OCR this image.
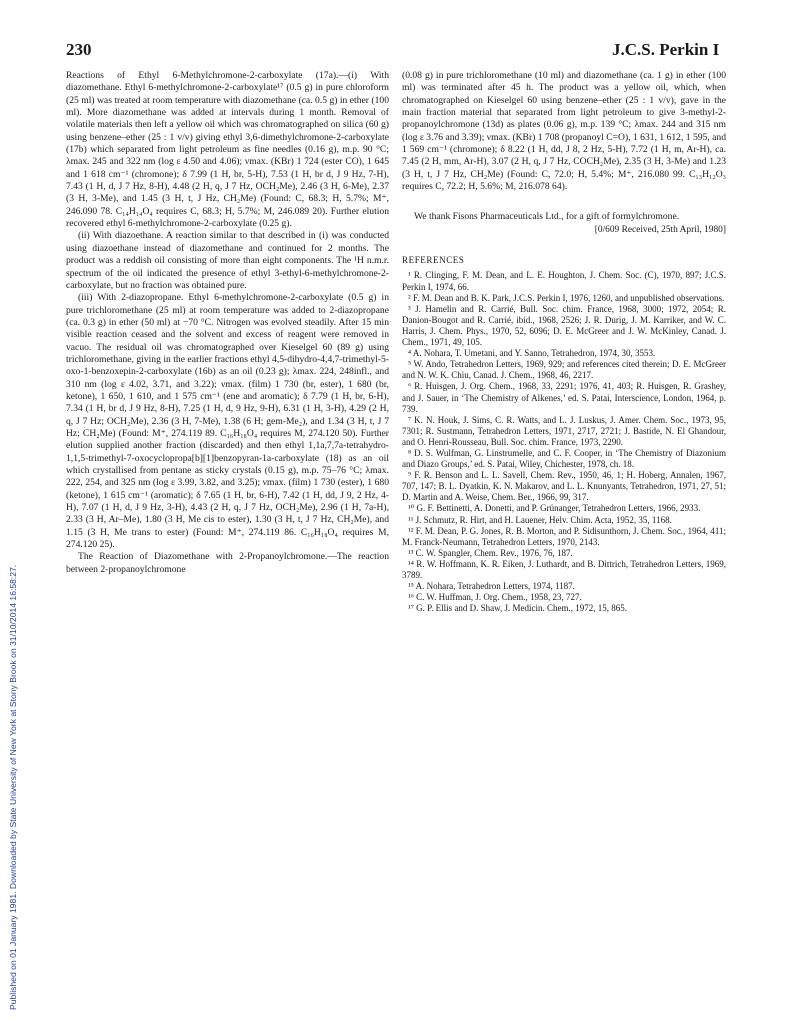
230	J.C.S. Perkin I
Published on 01 January 1981. Downloaded by State University of New York at Stony Brook on 31/10/2014 16:58:27.

Reactions of Ethyl 6-Methylchromone-2-carboxylate (17a).—(i) With diazomethane. Ethyl 6-methylchromone-2-carboxylate¹⁷ (0.5 g) in pure chloroform (25 ml) was treated at room temperature with diazomethane (ca. 0.5 g) in ether (100 ml). More diazomethane was added at intervals during 1 month. Removal of volatile materials then left a yellow oil which was chromatographed on silica (60 g) using benzene–ether (25 : 1 v/v) giving ethyl 3,6-dimethylchromone-2-carboxylate (17b) which separated from light petroleum as fine needles (0.16 g), m.p. 90 °C; λmax. 245 and 322 nm (log ε 4.50 and 4.06); νmax. (KBr) 1 724 (ester CO), 1 645 and 1 618 cm⁻¹ (chromone); δ 7.99 (1 H, br, 5-H), 7.53 (1 H, br d, J 9 Hz, 7-H), 7.43 (1 H, d, J 7 Hz, 8-H), 4.48 (2 H, q, J 7 Hz, OCH₂Me), 2.46 (3 H, 6-Me), 2.37 (3 H, 3-Me), and 1.45 (3 H, t, J Hz, CH₂Me) (Found: C, 68.3; H, 5.7%; M⁺, 246.090 78. C₁₄H₁₄O₄ requires C, 68.3; H, 5.7%; M, 246.089 20). Further elution recovered ethyl 6-methylchromone-2-carboxylate (0.25 g).

(ii) With diazoethane. A reaction similar to that described in (i) was conducted using diazoethane instead of diazomethane and continued for 2 months. The product was a reddish oil consisting of more than eight components. The ¹H n.m.r. spectrum of the oil indicated the presence of ethyl 3-ethyl-6-methylchromone-2-carboxylate, but no fraction was obtained pure.

(iii) With 2-diazopropane. Ethyl 6-methylchromone-2-carboxylate (0.5 g) in pure trichloromethane (25 ml) at room temperature was added to 2-diazopropane (ca. 0.3 g) in ether (50 ml) at −70 °C. Nitrogen was evolved steadily. After 15 min visible reaction ceased and the solvent and excess of reagent were removed in vacuo. The residual oil was chromatographed over Kieselgel 60 (89 g) using trichloromethane, giving in the earlier fractions ethyl 4,5-dihydro-4,4,7-trimethyl-5-oxo-1-benzoxepin-2-carboxylate (16b) as an oil (0.23 g); λmax. 224, 248infl., and 310 nm (log ε 4.02, 3.71, and 3.22); νmax. (film) 1 730 (br, ester), 1 680 (br, ketone), 1 650, 1 610, and 1 575 cm⁻¹ (ene and aromatic); δ 7.79 (1 H, br, 6-H), 7.34 (1 H, br d, J 9 Hz, 8-H), 7.25 (1 H, d, 9 Hz, 9-H), 6.31 (1 H, 3-H), 4.29 (2 H, q, J 7 Hz; OCH₂Me), 2.36 (3 H, 7-Me), 1.38 (6 H; gem-Me₂), and 1.34 (3 H, t, J 7 Hz; CH₂Me) (Found: M⁺, 274.119 89. C₁₆H₁₈O₄ requires M, 274.120 50). Further elution supplied another fraction (discarded) and then ethyl 1,1a,7,7a-tetrahydro-1,1,5-trimethyl-7-oxocyclopropa[b][1]benzopyran-1a-carboxylate (18) as an oil which crystallised from pentane as sticky crystals (0.15 g), m.p. 75–76 °C; λmax. 222, 254, and 325 nm (log ε 3.99, 3.82, and 3.25); νmax. (film) 1 730 (ester), 1 680 (ketone), 1 615 cm⁻¹ (aromatic); δ 7.65 (1 H, br, 6-H), 7.42 (1 H, dd, J 9, 2 Hz, 4-H), 7.07 (1 H, d, J 9 Hz, 3-H), 4.43 (2 H, q, J 7 Hz, OCH₂Me), 2.96 (1 H, 7a-H), 2.33 (3 H, Ar–Me), 1.80 (3 H, Me cis to ester), 1.30 (3 H, t, J 7 Hz, CH₂Me), and 1.15 (3 H, Me trans to ester) (Found: M⁺, 274.119 86. C₁₆H₁₈O₄ requires M, 274.120 25).

The Reaction of Diazomethane with 2-Propanoylchromone.—The reaction between 2-propanoylchromone

(0.08 g) in pure trichloromethane (10 ml) and diazomethane (ca. 1 g) in ether (100 ml) was terminated after 45 h. The product was a yellow oil, which, when chromatographed on Kieselgel 60 using benzene–ether (25 : 1 v/v), gave in the main fraction material that separated from light petroleum to give 3-methyl-2-propanoylchromone (13d) as plates (0.06 g), m.p. 139 °C; λmax. 244 and 315 nm (log ε 3.76 and 3.39); νmax. (KBr) 1 708 (propanoyl C=O), 1 631, 1 612, 1 595, and 1 569 cm⁻¹ (chromone); δ 8.22 (1 H, dd, J 8, 2 Hz, 5-H), 7.72 (1 H, m, Ar-H), ca. 7.45 (2 H, mm, Ar-H), 3.07 (2 H, q, J 7 Hz, COCH₂Me), 2.35 (3 H, 3-Me) and 1.23 (3 H, t, J 7 Hz, CH₂Me) (Found: C, 72.0; H, 5.4%; M⁺, 216.080 99. C₁₃H₁₂O₃ requires C, 72.2; H, 5.6%; M, 216.078 64).

We thank Fisons Pharmaceuticals Ltd., for a gift of formylchromone.

[0/609 Received, 25th April, 1980]

REFERENCES
¹ R. Clinging, F. M. Dean, and L. E. Houghton, J. Chem. Soc. (C), 1970, 897; J.C.S. Perkin I, 1974, 66.
² F. M. Dean and B. K. Park, J.C.S. Perkin I, 1976, 1260, and unpublished observations.
³ J. Hamelin and R. Carrié, Bull. Soc. chim. France, 1968, 3000; 1972, 2054; R. Danion-Bougot and R. Carrié, ibid., 1968, 2526; J. R. Durig, J. M. Karriker, and W. C. Harris, J. Chem. Phys., 1970, 52, 6096; D. E. McGreer and J. W. McKinley, Canad. J. Chem., 1971, 49, 105.
⁴ A. Nohara, T. Umetani, and Y. Sanno, Tetrahedron, 1974, 30, 3553.
⁵ W. Ando, Tetrahedron Letters, 1969, 929; and references cited therein; D. E. McGreer and N. W. K. Chiu, Canad. J. Chem., 1968, 46, 2217.
⁶ R. Huisgen, J. Org. Chem., 1968, 33, 2291; 1976, 41, 403; R. Huisgen, R. Grashey, and J. Sauer, in ‘The Chemistry of Alkenes,’ ed. S. Patai, Interscience, London, 1964, p. 739.
⁷ K. N. Houk, J. Sims, C. R. Watts, and L. J. Luskus, J. Amer. Chem. Soc., 1973, 95, 7301; R. Sustmann, Tetrahedron Letters, 1971, 2717, 2721; J. Bastide, N. El Ghandour, and O. Henri-Rousseau, Bull. Soc. chim. France, 1973, 2290.
⁸ D. S. Wulfman, G. Linstrumelle, and C. F. Cooper, in ‘The Chemistry of Diazonium and Diazo Groups,’ ed. S. Patai, Wiley, Chichester, 1978, ch. 18.
⁹ F. R. Benson and L. L. Savell, Chem. Rev., 1950, 46, 1; H. Hoberg, Annalen, 1967, 707, 147; B. L. Dyatkin, K. N. Makarov, and L. L. Knunyants, Tetrahedron, 1971, 27, 51; D. Martin and A. Weise, Chem. Ber., 1966, 99, 317.
¹⁰ G. F. Bettinetti, A. Donetti, and P. Grünanger, Tetrahedron Letters, 1966, 2933.
¹¹ J. Schmutz, R. Hirt, and H. Lauener, Helv. Chim. Acta, 1952, 35, 1168.
¹² F. M. Dean, P. G. Jones, R. B. Morton, and P. Sidisunthorn, J. Chem. Soc., 1964, 411; M. Franck-Neumann, Tetrahedron Letters, 1970, 2143.
¹³ C. W. Spangler, Chem. Rev., 1976, 76, 187.
¹⁴ R. W. Hoffmann, K. R. Eiken, J. Luthardt, and B. Dittrich, Tetrahedron Letters, 1969, 3789.
¹⁵ A. Nohara, Tetrahedron Letters, 1974, 1187.
¹⁶ C. W. Huffman, J. Org. Chem., 1958, 23, 727.
¹⁷ G. P. Ellis and D. Shaw, J. Medicin. Chem., 1972, 15, 865.
